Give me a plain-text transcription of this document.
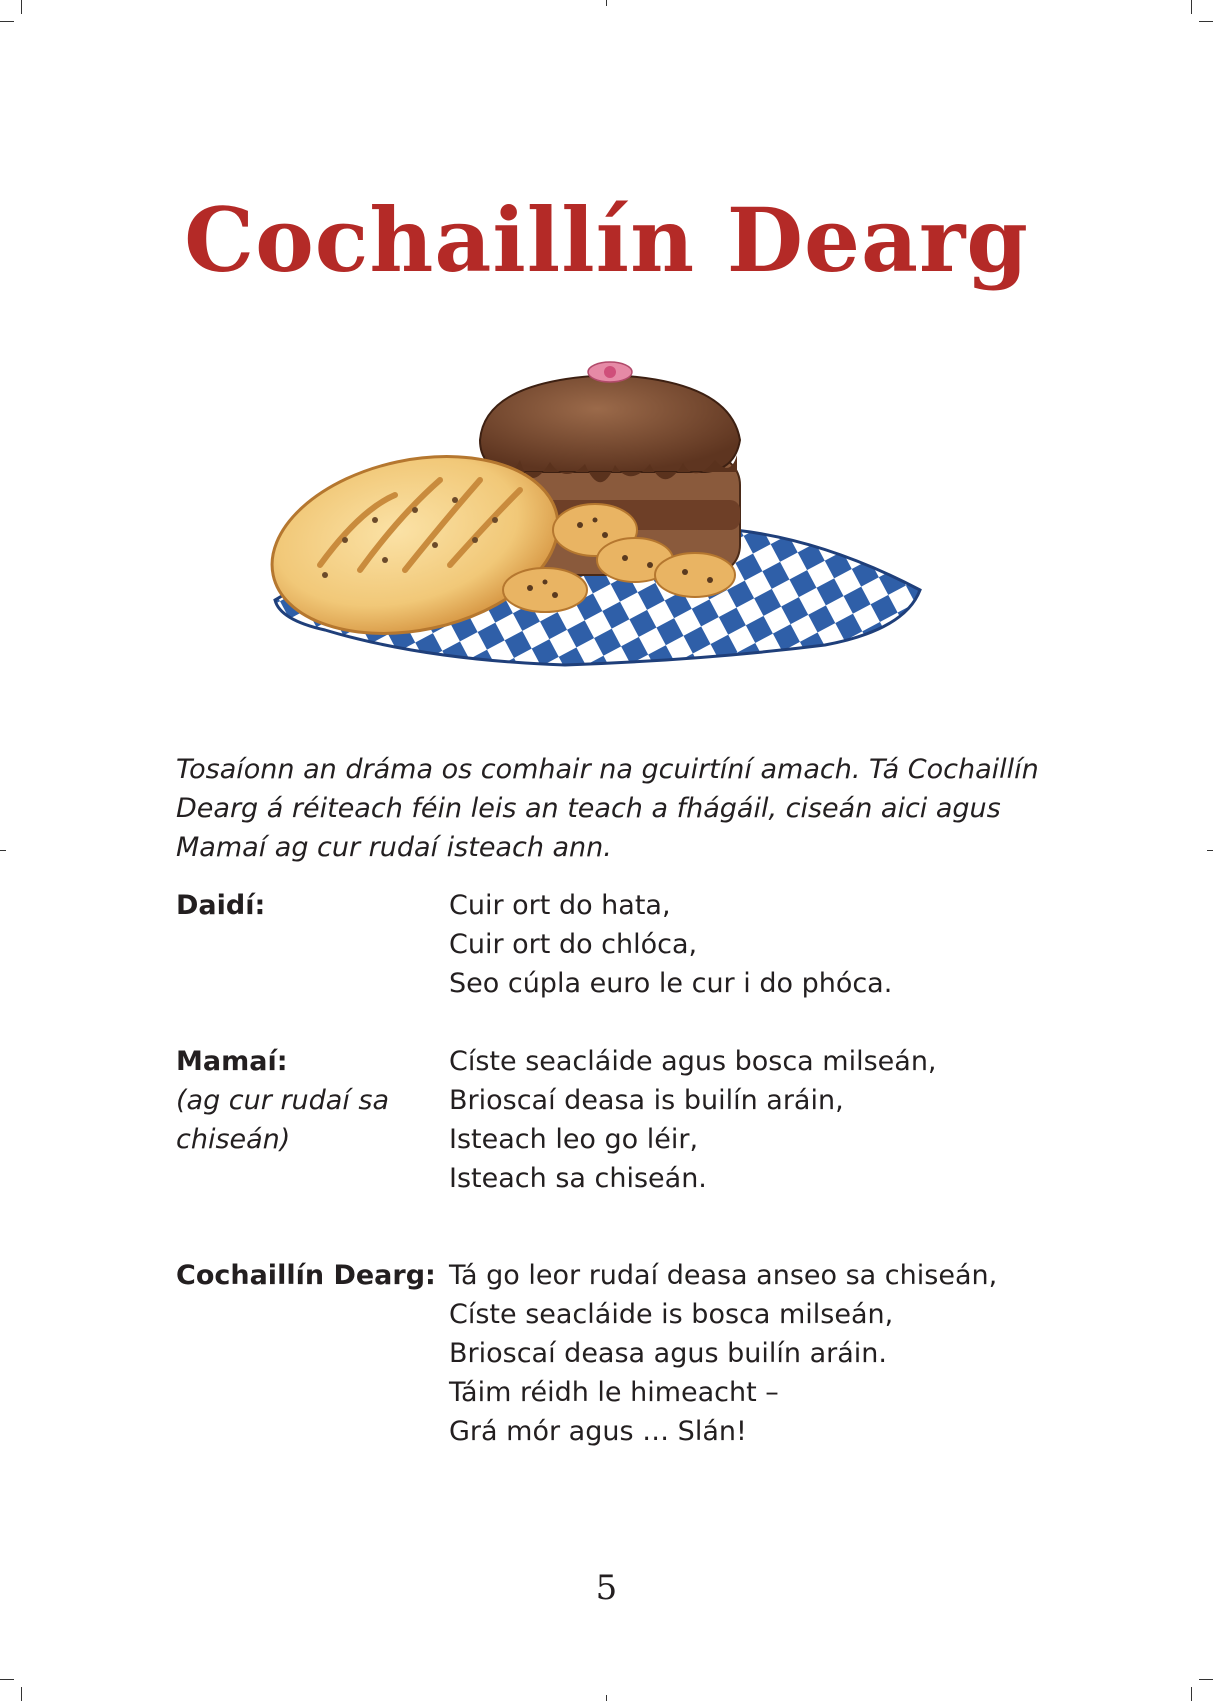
Cochaillín Dearg

Tosaíonn an dráma os comhair na gcuirtíní amach. Tá Cochaillín Dearg á réiteach féin leis an teach a fhágáil, ciseán aici agus Mamaí ag cur rudaí isteach ann.

Daidí:	Cuir ort do hata,
Cuir ort do chlóca,
Seo cúpla euro le cur i do phóca.
Mamaí:
(ag cur rudaí sa chiseán)
Císte seacláide agus bosca milseán,
Brioscaí deasa is builín aráin,
Isteach leo go léir,
Isteach sa chiseán.
Cochaillín Dearg: Tá go leor rudaí deasa anseo sa chiseán,
Císte seacláide is bosca milseán,
Brioscaí deasa agus builín aráin.
Táim réidh le himeacht –
Grá mór agus … Slán!
5
